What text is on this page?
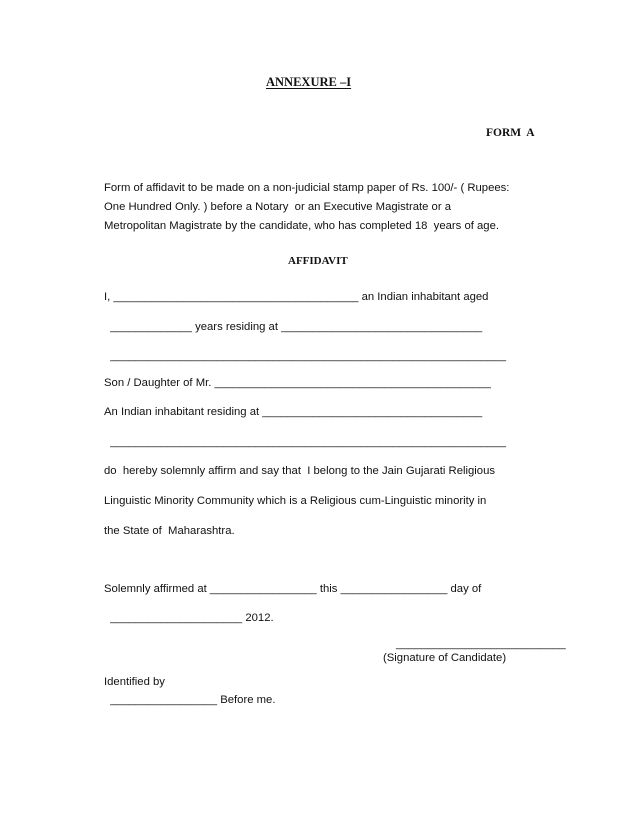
ANNEXURE –I
FORM  A
Form of affidavit to be made on a non-judicial stamp paper of Rs. 100/- ( Rupees:
One Hundred Only. ) before a Notary  or an Executive Magistrate or a
Metropolitan Magistrate by the candidate, who has completed 18  years of age.
AFFIDAVIT
I, _______________________________________ an Indian inhabitant aged
_____________ years residing at ________________________________
_______________________________________________________________
Son / Daughter of Mr. ____________________________________________
An Indian inhabitant residing at ___________________________________
_______________________________________________________________
do  hereby solemnly affirm and say that  I belong to the Jain Gujarati Religious
Linguistic Minority Community which is a Religious cum-Linguistic minority in
the State of  Maharashtra.
Solemnly affirmed at _________________ this _________________ day of
_____________________ 2012.
___________________________
(Signature of Candidate)
Identified by
_________________ Before me.
